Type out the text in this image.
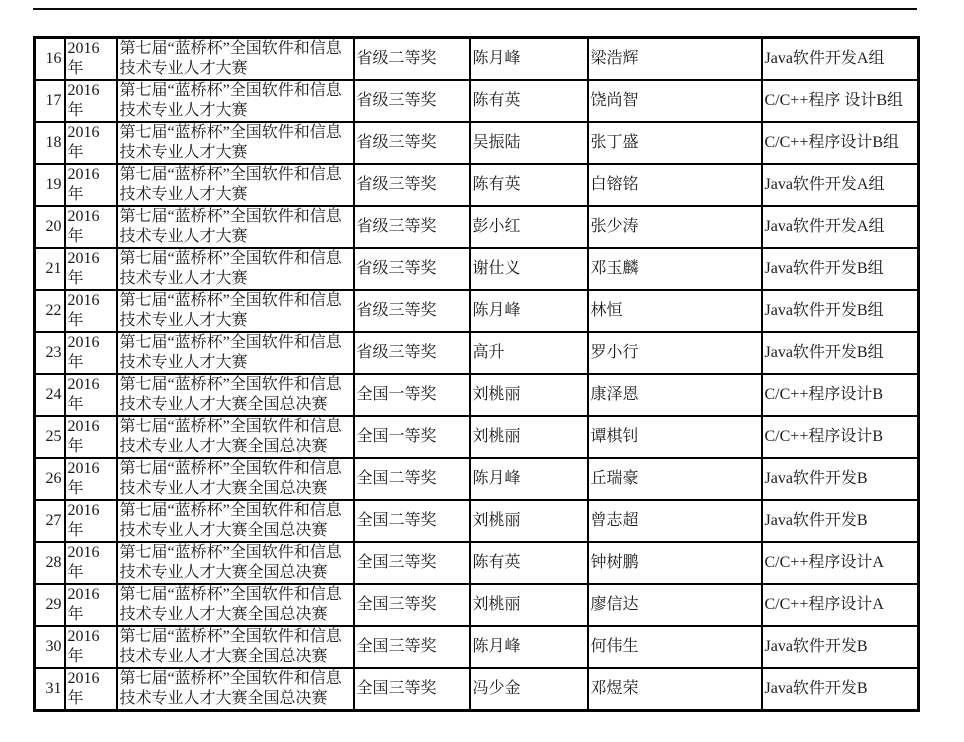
16	2016年	第七届“蓝桥杯”全国软件和信息技术专业人才大赛	省级二等奖	陈月峰	梁浩辉	Java软件开发A组
17	2016年	第七届“蓝桥杯”全国软件和信息技术专业人才大赛	省级三等奖	陈有英	饶尚智	C/C++程序 设计B组
18	2016年	第七届“蓝桥杯”全国软件和信息技术专业人才大赛	省级三等奖	吴振陆	张丁盛	C/C++程序设计B组
19	2016年	第七届“蓝桥杯”全国软件和信息技术专业人才大赛	省级三等奖	陈有英	白镕铭	Java软件开发A组
20	2016年	第七届“蓝桥杯”全国软件和信息技术专业人才大赛	省级三等奖	彭小红	张少涛	Java软件开发A组
21	2016年	第七届“蓝桥杯”全国软件和信息技术专业人才大赛	省级三等奖	谢仕义	邓玉麟	Java软件开发B组
22	2016年	第七届“蓝桥杯”全国软件和信息技术专业人才大赛	省级三等奖	陈月峰	林恒	Java软件开发B组
23	2016年	第七届“蓝桥杯”全国软件和信息技术专业人才大赛	省级三等奖	高升	罗小行	Java软件开发B组
24	2016年	第七届“蓝桥杯”全国软件和信息技术专业人才大赛全国总决赛	全国一等奖	刘桃丽	康泽恩	C/C++程序设计B
25	2016年	第七届“蓝桥杯”全国软件和信息技术专业人才大赛全国总决赛	全国一等奖	刘桃丽	谭棋钊	C/C++程序设计B
26	2016年	第七届“蓝桥杯”全国软件和信息技术专业人才大赛全国总决赛	全国二等奖	陈月峰	丘瑞豪	Java软件开发B
27	2016年	第七届“蓝桥杯”全国软件和信息技术专业人才大赛全国总决赛	全国二等奖	刘桃丽	曾志超	Java软件开发B
28	2016年	第七届“蓝桥杯”全国软件和信息技术专业人才大赛全国总决赛	全国三等奖	陈有英	钟树鹏	C/C++程序设计A
29	2016年	第七届“蓝桥杯”全国软件和信息技术专业人才大赛全国总决赛	全国三等奖	刘桃丽	廖信达	C/C++程序设计A
30	2016年	第七届“蓝桥杯”全国软件和信息技术专业人才大赛全国总决赛	全国三等奖	陈月峰	何伟生	Java软件开发B
31	2016年	第七届“蓝桥杯”全国软件和信息技术专业人才大赛全国总决赛	全国三等奖	冯少金	邓煜荣	Java软件开发B
